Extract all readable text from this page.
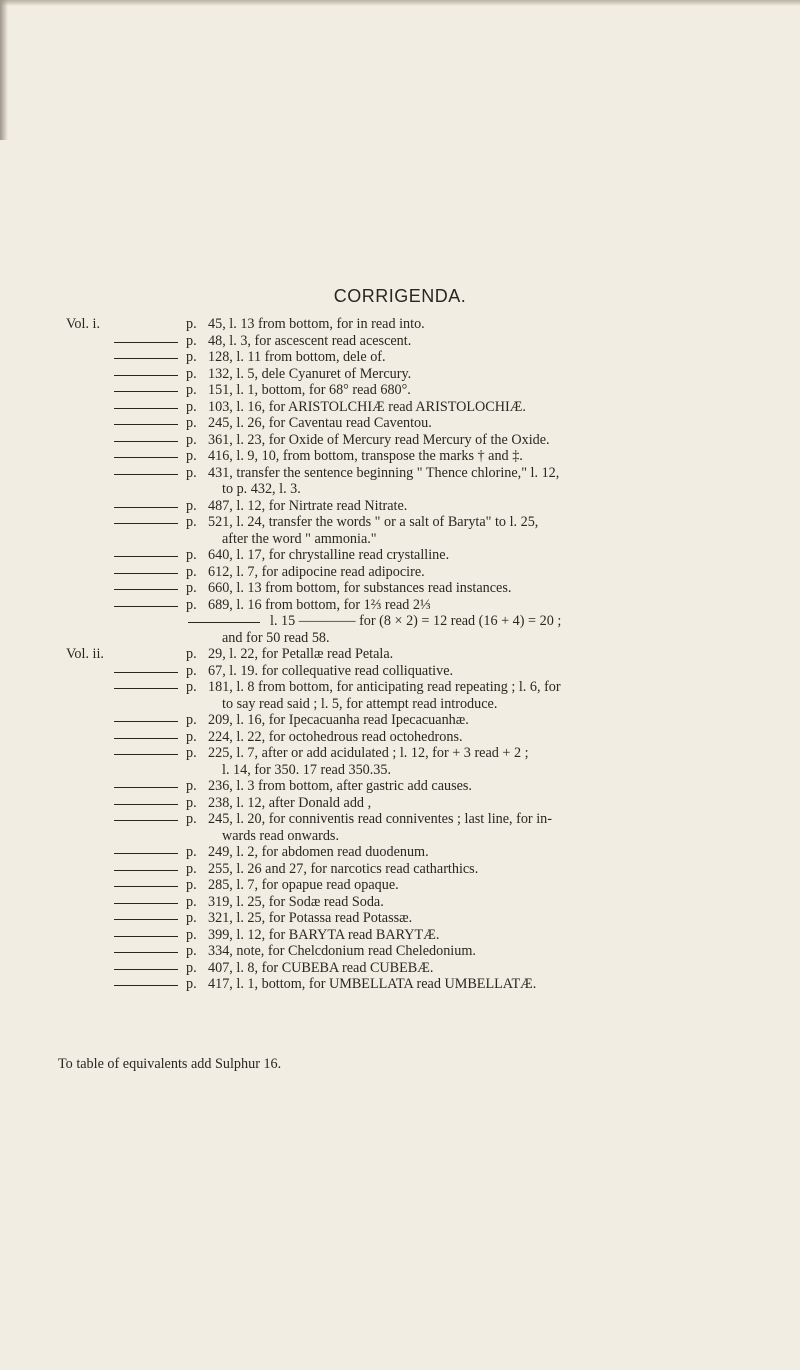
CORRIGENDA.
Vol. i.	p. 45, l. 13 from bottom, for in read into.
p. 48, l. 3, for ascescent read acescent.
p. 128, l. 11 from bottom, dele of.
p. 132, l. 5, dele Cyanuret of Mercury.
p. 151, l. 1, bottom, for 68° read 680°.
p. 103, l. 16, for ARISTOLCHIÆ read ARISTOLOCHIÆ.
p. 245, l. 26, for Caventau read Caventou.
p. 361, l. 23, for Oxide of Mercury read Mercury of the Oxide.
p. 416, l. 9, 10, from bottom, transpose the marks † and ‡.
p. 431, transfer the sentence beginning " Thence chlorine," l. 12,
to p. 432, l. 3.
p. 487, l. 12, for Nirtrate read Nitrate.
p. 521, l. 24, transfer the words " or a salt of Baryta" to l. 25,
after the word " ammonia."
p. 640, l. 17, for chrystalline read crystalline.
p. 612, l. 7, for adipocine read adipocire.
p. 660, l. 13 from bottom, for substances read instances.
p. 689, l. 16 from bottom, for 1⅔ read 2⅓
l. 15 ———— for (8 × 2) = 12 read (16 + 4) = 20 ;
and for 50 read 58.
Vol. ii.	p. 29, l. 22, for Petallæ read Petala.
p. 67, l. 19. for collequative read colliquative.
p. 181, l. 8 from bottom, for anticipating read repeating ; l. 6, for
to say read said ; l. 5, for attempt read introduce.
p. 209, l. 16, for Ipecacuanha read Ipecacuanhæ.
p. 224, l. 22, for octohedrous read octohedrons.
p. 225, l. 7, after or add acidulated ; l. 12, for + 3 read + 2 ;
l. 14, for 350. 17 read 350.35.
p. 236, l. 3 from bottom, after gastric add causes.
p. 238, l. 12, after Donald add ,
p. 245, l. 20, for conniventis read conniventes ; last line, for in-
wards read onwards.
p. 249, l. 2, for abdomen read duodenum.
p. 255, l. 26 and 27, for narcotics read catharthics.
p. 285, l. 7, for opapue read opaque.
p. 319, l. 25, for Sodæ read Soda.
p. 321, l. 25, for Potassa read Potassæ.
p. 399, l. 12, for BARYTA read BARYTÆ.
p. 334, note, for Chelcdonium read Cheledonium.
p. 407, l. 8, for CUBEBA read CUBEBÆ.
p. 417, l. 1, bottom, for UMBELLATA read UMBELLATÆ.
To table of equivalents add Sulphur 16.
